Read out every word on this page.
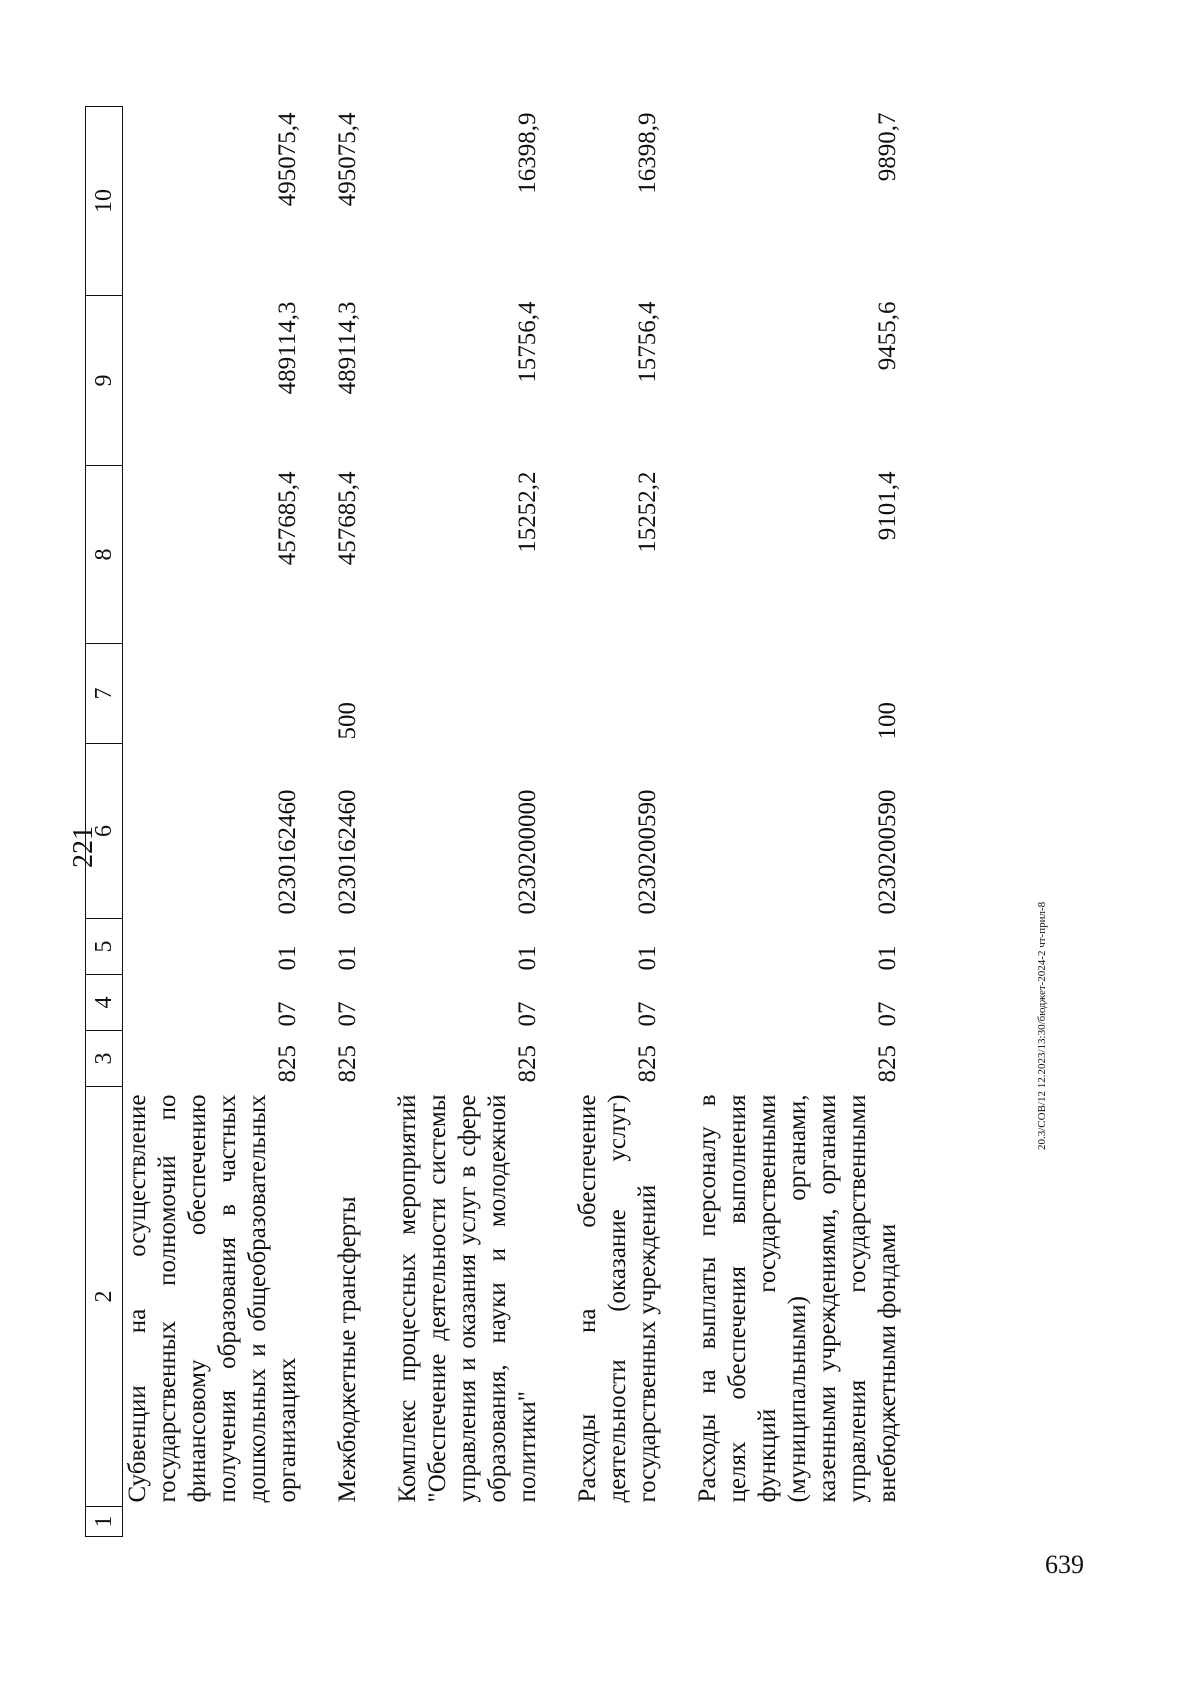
221
1	2	3	4	5	6	7	8	9	10
	Субвенции на осуществление государственных полномочий по финансовому обеспечению получения образования в частных дошкольных и общеобразовательных организациях	825	07	01	0230162460		457685,4	489114,3	495075,4

	Межбюджетные трансферты	825	07	01	0230162460	500	457685,4	489114,3	495075,4

	Комплекс процессных мероприятий "Обеспечение деятельности системы управления и оказания услуг в сфере образования, науки и молодежной политики"	825	07	01	0230200000		15252,2	15756,4	16398,9

	Расходы на обеспечение деятельности (оказание услуг) государственных учреждений	825	07	01	0230200590		15252,2	15756,4	16398,9

	Расходы на выплаты персоналу в целях обеспечения выполнения функций государственными (муниципальными) органами, казенными учреждениями, органами управления государственными внебюджетными фондами	825	07	01	0230200590	100	9101,4	9455,6	9890,7
639
20.3/СОВ/12 12.2023/13:30/бюджет-2024-2 чт-прил-8
